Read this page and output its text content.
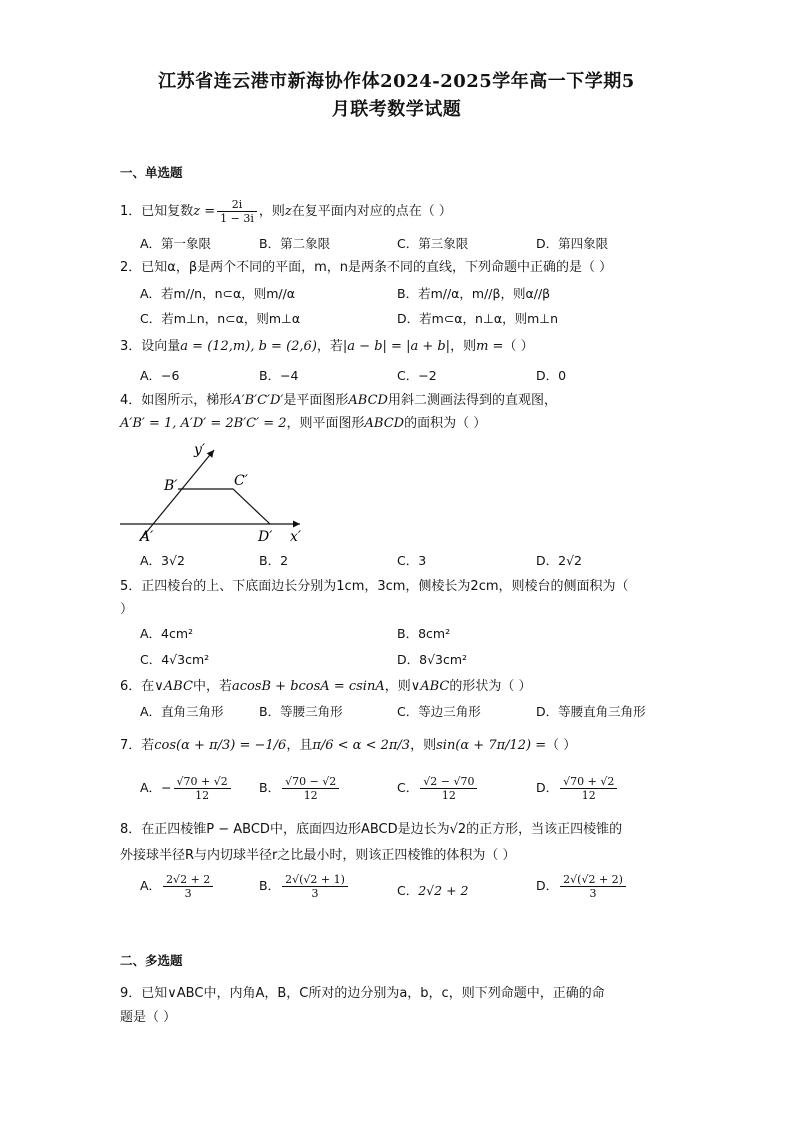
江苏省连云港市新海协作体2024-2025学年高一下学期5
月联考数学试题
一、单选题
1．已知复数$z = \frac{2i}{1 - 3i}$ ，则z在复平面内对应的点在（ ）
A．第一象限	B．第二象限	C．第三象限	D．第四象限
2．已知α，β是两个不同的平面，m，n是两条不同的直线，下列命题中正确的是（ ）
A．若m//n，n⊂α，则m//α	B．若m//α，m//β，则α//β
C．若m⊥n，n⊂α，则m⊥α	D．若m⊂α，n⊥α，则m⊥n
3．设向量a = (12,m), b = (2,6)，若|a − b| = |a + b|，则m =（ ）
A．−6	B．−4	C．−2	D．0
4．如图所示，梯形A′B′C′D′是平面图形ABCD用斜二测画法得到的直观图，
A′B′ = 1, A′D′ = 2B′C′ = 2，则平面图形ABCD的面积为（ ）
y′
x′
A′
B′	C′
D′
A．3√2	B．2	C．3	D．2√2
5．正四棱台的上、下底面边长分别为1cm，3cm，侧棱长为2cm，则棱台的侧面积为（
）
A．4cm²	B．8cm²
C．4√3cm²	D．8√3cm²
6．在∨ABC中，若acosB + bcosA = csinA，则∨ABC的形状为（ ）
A．直角三角形	B．等腰三角形	C．等边三角形	D．等腰直角三角形
7．若cos(α + π/3) = −1/6，且π/6 < α < 2π/3，则sin(α + 7π/12) =（ ）
A．− $\frac{√70 + √2}{12}$ B． $\frac{√70 - √2}{12}$	C． $\frac{√2 - √70}{12}$	D． $\frac{√70 + √2}{12}$
8．在正四棱锥P − ABCD中，底面四边形ABCD是边长为√2的正方形，当该正四棱锥的
外接球半径R与内切球半径r之比最小时，则该正四棱锥的体积为（ ）
A． $\frac{2√2 + 2}{3}$	B． $\frac{2√(√2 + 1)}{3}$	C．2√2 + 2	D． $\frac{2√(√2 + 2)}{3}$
二、多选题
9．已知∨ABC中，内角A，B，C所对的边分别为a，b，c，则下列命题中，正确的命
题是（ ）
